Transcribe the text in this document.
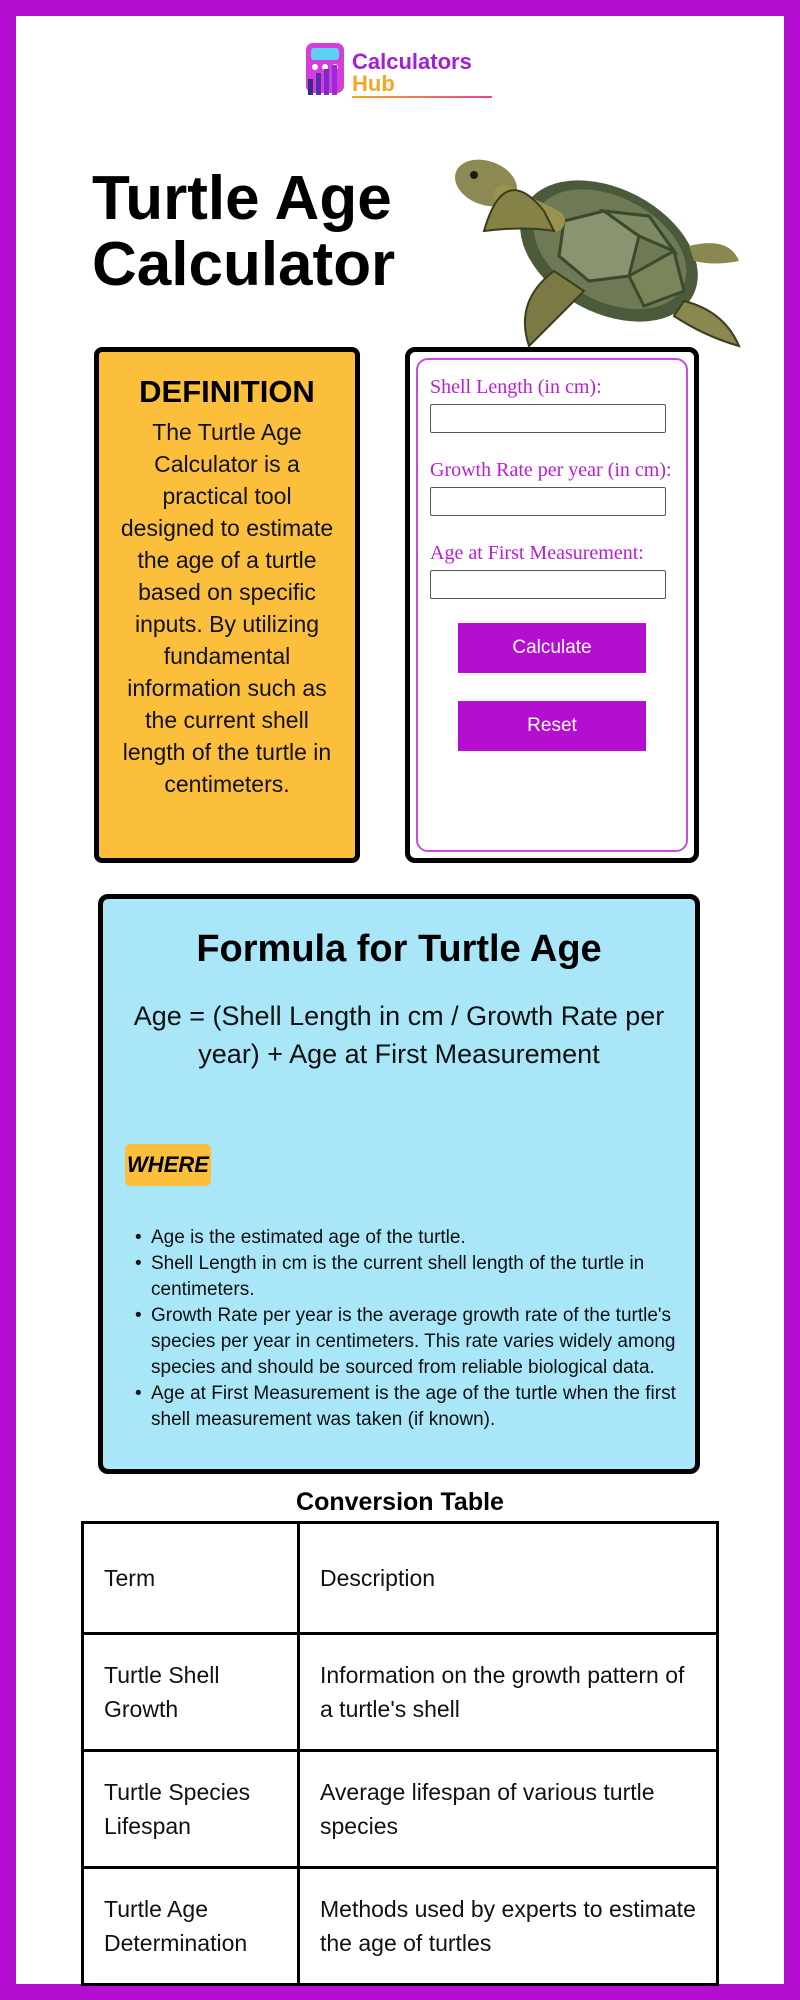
Calculators
Hub
Turtle Age Calculator
DEFINITION

The Turtle Age Calculator is a practical tool designed to estimate the age of a turtle based on specific inputs. By utilizing fundamental information such as the current shell length of the turtle in centimeters.

Shell Length (in cm):
Growth Rate per year (in cm):
Age at First Measurement:
Calculate
Reset
Formula for Turtle Age
Age = (Shell Length in cm / Growth Rate per year) + Age at First Measurement
WHERE
• Age is the estimated age of the turtle.
• Shell Length in cm is the current shell length of the turtle in centimeters.
• Growth Rate per year is the average growth rate of the turtle's species per year in centimeters. This rate varies widely among species and should be sourced from reliable biological data.
• Age at First Measurement is the age of the turtle when the first shell measurement was taken (if known).
Conversion Table
Term	Description
Turtle Shell Growth	Information on the growth pattern of a turtle's shell
Turtle Species Lifespan	Average lifespan of various turtle species
Turtle Age Determination	Methods used by experts to estimate the age of turtles
